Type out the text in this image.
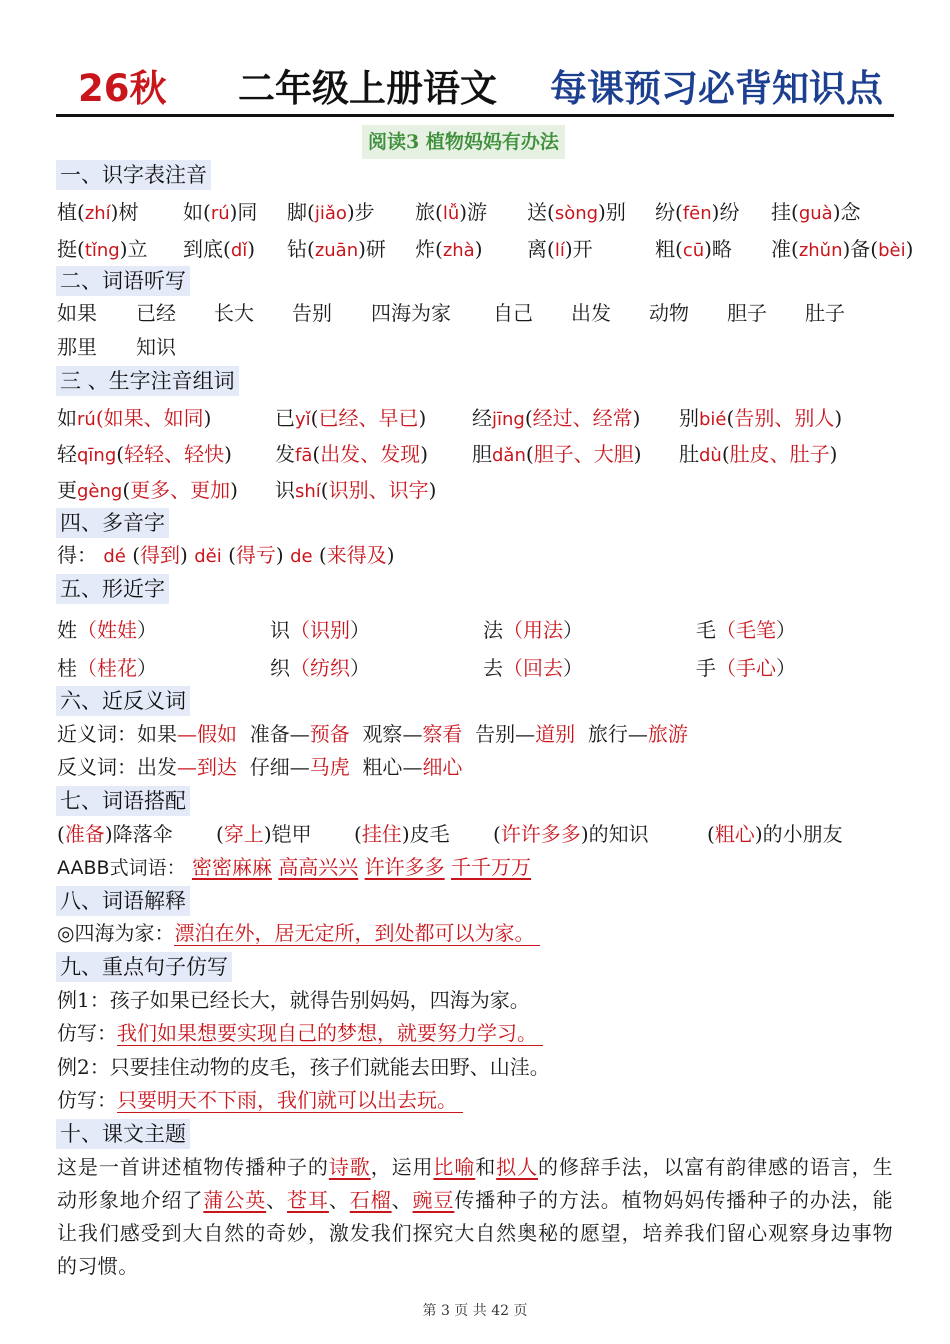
26秋 二年级上册语文 每课预习必背知识点
阅读3 植物妈妈有办法
一、识字表注音
植(zhí)树 如(rú)同 脚(jiǎo)步 旅(lǚ)游 送(sòng)别 纷(fēn)纷 挂(guà)念
挺(tǐng)立 到底(dǐ) 钻(zuān)研 炸(zhà) 离(lí)开	粗(cū)略 准(zhǔn)备(bèi)
二、词语听写
如果 已经 长大 告别 四海为家 自己 出发 动物 胆子 肚子
那里 知识
三 、生字注音组词
如rú(如果、如同)	已yǐ(已经、早已) 经jīng(经过、经常) 别bié(告别、别人)
轻qīng(轻轻、轻快) 发fā(出发、发现) 胆dǎn(胆子、大胆) 肚dù(肚皮、肚子)
更gèng(更多、更加) 识shí(识别、识字)
四、多音字
得： dé (得到) děi (得亏) de (来得及)
五、形近字
姓（姓娃）	识（识别）	法（用法）	毛（毛笔）
桂（桂花）	织（纺织）	去（回去）	手（手心）
六、近反义词
近义词：如果—假如 准备—预备 观察—察看 告别—道别 旅行—旅游
反义词：出发—到达 仔细—马虎 粗心—细心
七、词语搭配
(准备)降落伞 (穿上)铠甲 (挂住)皮毛 (许许多多)的知识	(粗心)的小朋友
AABB式词语： 密密麻麻 高高兴兴 许许多多 千千万万
八、词语解释
◎四海为家：漂泊在外，居无定所，到处都可以为家。
九、重点句子仿写
例1：孩子如果已经长大，就得告别妈妈，四海为家。
仿写：我们如果想要实现自己的梦想，就要努力学习。
例2：只要挂住动物的皮毛，孩子们就能去田野、山洼。
仿写：只要明天不下雨，我们就可以出去玩。
十、课文主题
这是一首讲述植物传播种子的诗歌，运用比喻和拟人的修辞手法，以富有韵律感的语言，生动形象地介绍了蒲公英、苍耳、石榴、豌豆传播种子的方法。植物妈妈传播种子的办法，能让我们感受到大自然的奇妙，激发我们探究大自然奥秘的愿望，培养我们留心观察身边事物的习惯。
第 3 页 共 42 页
